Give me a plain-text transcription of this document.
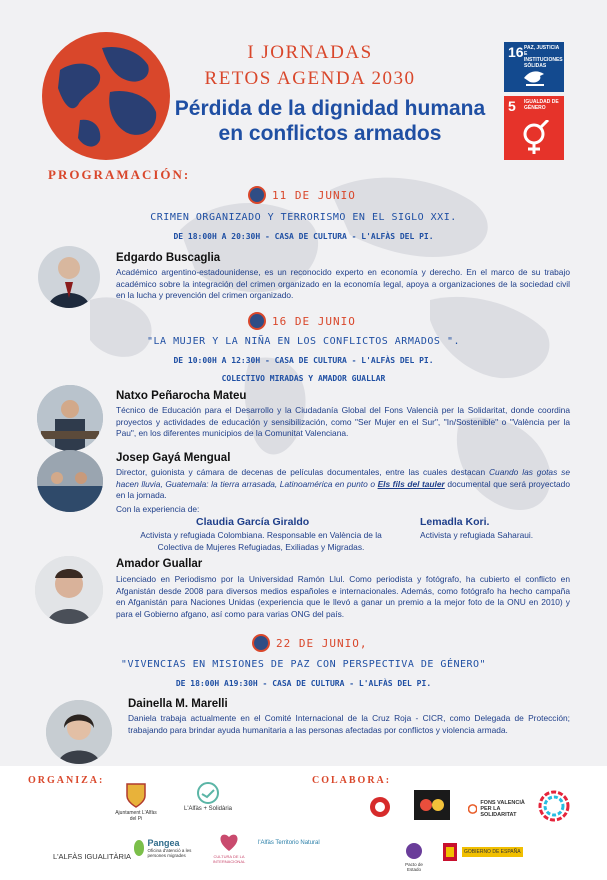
I JORNADAS
RETOS AGENDA 2030
Pérdida de la dignidad humana
en conflictos armados
16 PAZ, JUSTICIA E INSTITUCIONES SÓLIDAS
5 IGUALDAD DE GÉNERO
PROGRAMACIÓN:
11 DE JUNIO
CRIMEN ORGANIZADO Y TERRORISMO EN EL SIGLO XXI.
DE 18:00H A 20:30H - CASA DE CULTURA - L'ALFÀS DEL PI.
Edgardo Buscaglia
Académico argentino-estadounidense, es un reconocido experto en economía y derecho. En el marco de su trabajo académico sobre la integración del crimen organizado en la economía legal, apoya a organizaciones de la sociedad civil en la lucha y prevención del crimen organizado.
16 DE JUNIO
"LA MUJER Y LA NIÑA EN LOS CONFLICTOS ARMADOS ".
DE 10:00H A 12:30H - CASA DE CULTURA - L'ALFÀS DEL PI.
COLECTIVO MIRADAS Y AMADOR GUALLAR
Natxo Peñarocha Mateu
Técnico de Educación para el Desarrollo y la Ciudadanía Global del Fons Valencià per la Solidaritat, donde coordina proyectos y actividades de educación y sensibilización, como "Ser Mujer en el Sur", "In/Sostenible" o "València per la Pau", en los diferentes municipios de la Comunitat Valenciana.
Josep Gayá Mengual
Director, guionista y cámara de decenas de películas documentales, entre las cuales destacan Cuando las gotas se hacen lluvia, Guatemala: la tierra arrasada, Latinoamérica en punto o Els fils del tauler documental que será proyectado en la jornada.
Con la experiencia de:
Claudia García Giraldo
Activista y refugiada Colombiana. Responsable en València de la Colectiva de Mujeres Refugiadas, Exiliadas y Migradas.
Lemadla Kori.
Activista y refugiada Saharaui.
Amador Guallar
Licenciado en Periodismo por la Universidad Ramón Llul. Como periodista y fotógrafo, ha cubierto el conflicto en Afganistán desde 2008 para diversos medios españoles e internacionales. Además, como fotógrafo ha hecho campaña en Afganistán para Naciones Unidas (experiencia que le llevó a ganar un premio a la mejor foto de la ONU en 2010) y para el Gobierno afgano, así como para varias ONG del país.
22 DE JUNIO,
"VIVENCIAS EN MISIONES DE PAZ CON PERSPECTIVA DE GÉNERO"
DE 18:00H A19:30H - CASA DE CULTURA - L'ALFÀS DEL PI.
Dainella M. Marelli
Daniela trabaja actualmente en el Comité Internacional de la Cruz Roja - CICR, como Delegada de Protección; trabajando para brindar ayuda humanitaria a las personas afectadas por conflictos y violencia armada.
ORGANIZA:	COLABORA:
Ajuntament L'Alfàs del Pi
L'Alfàs + Solidària
L'ALFÀS IGUALITÀRIA
Pangea
Oficina d'atenció a les persones migrades	CULTURA DE LA INTERNACIONAL
l'Alfàs Territorio Natural
FONS VALENCIÀ PER LA SOLIDARITAT
Pacto de Estado
GOBIERNO DE ESPAÑA
